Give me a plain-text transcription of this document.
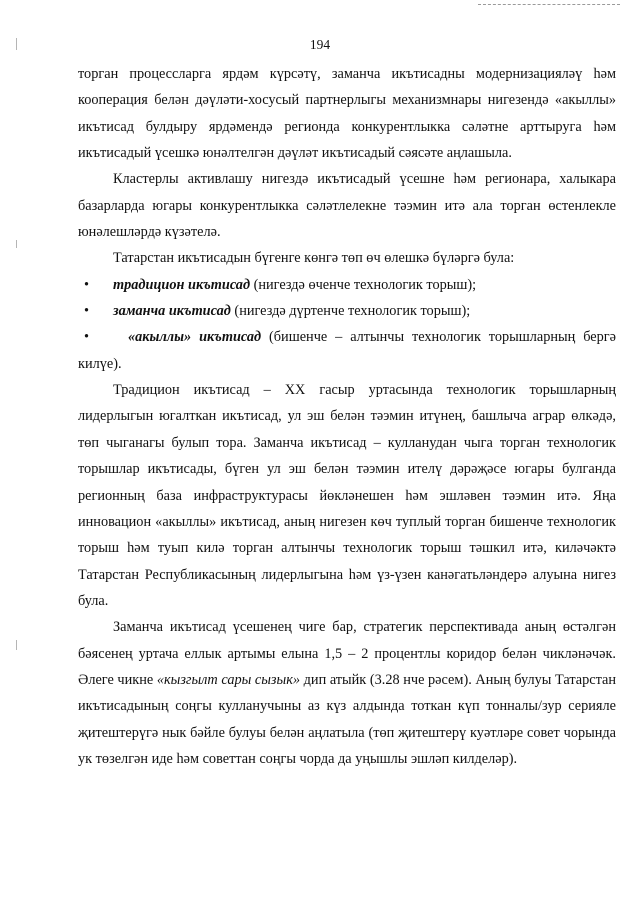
194

торган процессларга ярдәм күрсәтү, заманча икътисадны модернизацияләү һәм кооперация белән дәүләти-хосусый партнерлыгы механизмнары нигезендә «акыллы» икътисад булдыру ярдәмендә регионда конкурентлыкка сәләтне арттыруга һәм икътисадый үсешкә юнәлтелгән дәүләт икътисадый сәясәте аңлашыла.

Кластерлы активлашу нигездә икътисадый үсешне һәм регионара, халыкара базарларда югары конкурентлыкка сәләтлелекне тәэмин итә ала торган өстенлекле юнәлешләрдә күзәтелә.

Татарстан икътисадын бүгенге көнгә төп өч өлешкә бүләргә була:

• традицион икътисад (нигездә өченче технологик торыш);
• заманча икътисад (нигездә дүртенче технологик торыш);
•	«акыллы» икътисад (бишенче – алтынчы технологик торышларның бергә килүе).

Традицион икътисад – XX гасыр уртасында технологик торышларның лидерлыгын югалткан икътисад, ул эш белән тәэмин итүнең, башлыча аграр өлкәдә, төп чыганагы булып тора. Заманча икътисад – кулланудан чыга торган технологик торышлар икътисады, бүген ул эш белән тәэмин ителү дәрәҗәсе югары булганда регионның база инфраструктурасы йөкләнешен һәм эшләвен тәэмин итә. Яңа инновацион «акыллы» икътисад, аның нигезен көч туплый торган бишенче технологик торыш һәм туып килә торган алтынчы технологик торыш тәшкил итә, киләчәктә Татарстан Республикасының лидерлыгына һәм үз-үзен канәгатьләндерә алуына нигез була.

Заманча икътисад үсешенең чиге бар, стратегик перспективада аның өстәлгән бәясенең уртача еллык артымы елына 1,5 – 2 процентлы коридор белән чикләнәчәк. Әлеге чикне «кызгылт сары сызык» дип атыйк (3.28 нче рәсем). Аның булуы Татарстан икътисадының соңгы кулланучыны аз күз алдында тоткан күп тонналы/зур серияле җитештерүгә нык бәйле булуы белән аңлатыла (төп җитештерү куәтләре совет чорында ук төзелгән иде һәм советтан соңгы чорда да уңышлы эшләп килделәр).
